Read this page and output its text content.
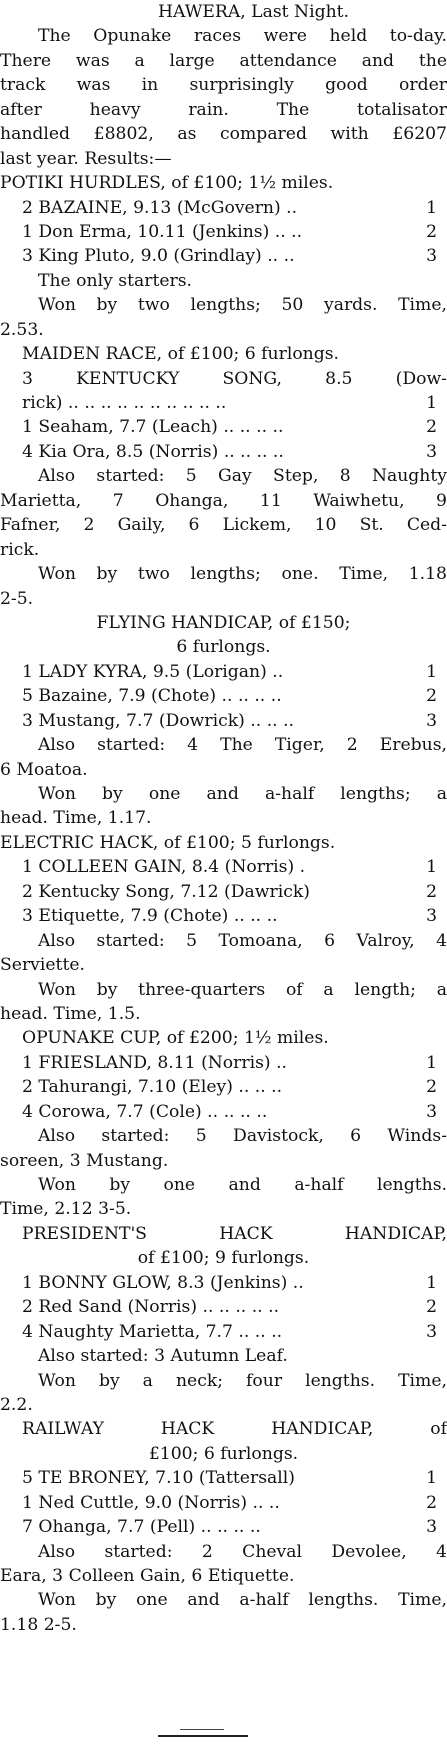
HAWERA, Last Night.
The Opunake races were held to-day.
There was a large attendance and the
track was in surprisingly good order
after heavy rain. The totalisator
handled £8802, as compared with £6207
last year. Results:—
POTIKI HURDLES, of £100; 1½ miles.
2 BAZAINE, 9.13 (McGovern) ..	1
1 Don Erma, 10.11 (Jenkins) .. ..	2
3 King Pluto, 9.0 (Grindlay) .. ..	3
The only starters.
Won by two lengths; 50 yards. Time,
2.53.
MAIDEN RACE, of £100; 6 furlongs.
3 KENTUCKY SONG, 8.5 (Dow-
rick) .. .. .. .. .. .. .. .. .. ..	1
1 Seaham, 7.7 (Leach) .. .. .. ..	2
4 Kia Ora, 8.5 (Norris) .. .. .. ..	3
Also started: 5 Gay Step, 8 Naughty
Marietta, 7 Ohanga, 11 Waiwhetu, 9
Fafner, 2 Gaily, 6 Lickem, 10 St. Ced-
rick.
Won by two lengths; one. Time, 1.18
2-5.
FLYING HANDICAP, of £150;
6 furlongs.
1 LADY KYRA, 9.5 (Lorigan) ..	1
5 Bazaine, 7.9 (Chote) .. .. .. ..	2
3 Mustang, 7.7 (Dowrick) .. .. ..	3
Also started: 4 The Tiger, 2 Erebus,
6 Moatoa.
Won by one and a-half lengths; a
head. Time, 1.17.
ELECTRIC HACK, of £100; 5 furlongs.
1 COLLEEN GAIN, 8.4 (Norris) .	1
2 Kentucky Song, 7.12 (Dawrick)	2
3 Etiquette, 7.9 (Chote) .. .. ..	3
Also started: 5 Tomoana, 6 Valroy, 4
Serviette.
Won by three-quarters of a length; a
head. Time, 1.5.
OPUNAKE CUP, of £200; 1½ miles.
1 FRIESLAND, 8.11 (Norris) ..	1
2 Tahurangi, 7.10 (Eley) .. .. ..	2
4 Corowa, 7.7 (Cole) .. .. .. ..	3
Also started: 5 Davistock, 6 Winds-
soreen, 3 Mustang.
Won by one and a-half lengths.
Time, 2.12 3-5.
PRESIDENT'S HACK HANDICAP,
of £100; 9 furlongs.
1 BONNY GLOW, 8.3 (Jenkins) ..	1
2 Red Sand (Norris) .. .. .. .. ..	2
4 Naughty Marietta, 7.7 .. .. ..	3
Also started: 3 Autumn Leaf.
Won by a neck; four lengths. Time,
2.2.
RAILWAY HACK HANDICAP, of
£100; 6 furlongs.
5 TE BRONEY, 7.10 (Tattersall)	1
1 Ned Cuttle, 9.0 (Norris) .. ..	2
7 Ohanga, 7.7 (Pell) .. .. .. ..	3
Also started: 2 Cheval Devolee, 4
Eara, 3 Colleen Gain, 6 Etiquette.
Won by one and a-half lengths. Time,
1.18 2-5.
